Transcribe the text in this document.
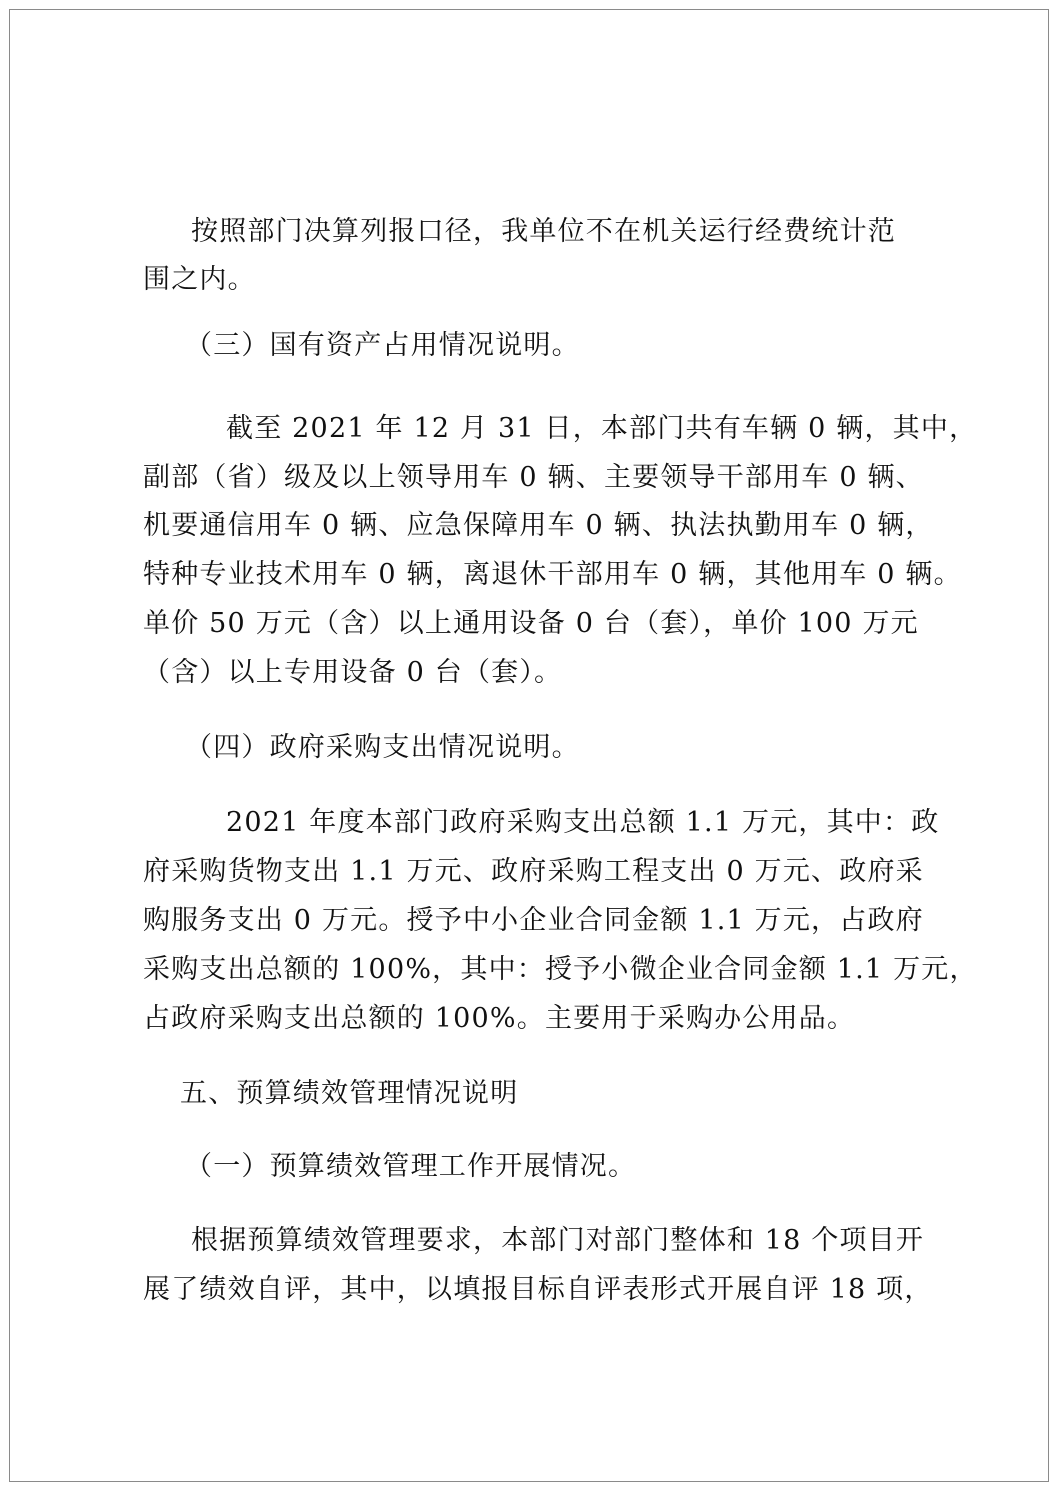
按照部门决算列报口径，我单位不在机关运行经费统计范
围之内。
（三）国有资产占用情况说明。
截至 2021 年 12 月 31 日，本部门共有车辆 0 辆，其中，
副部（省）级及以上领导用车 0 辆、主要领导干部用车 0 辆、
机要通信用车 0 辆、应急保障用车 0 辆、执法执勤用车 0 辆，
特种专业技术用车 0 辆，离退休干部用车 0 辆，其他用车 0 辆。
单价 50 万元（含）以上通用设备 0 台（套），单价 100 万元
（含）以上专用设备 0 台（套）。
（四）政府采购支出情况说明。
2021 年度本部门政府采购支出总额 1.1 万元，其中：政
府采购货物支出 1.1 万元、政府采购工程支出 0 万元、政府采
购服务支出 0 万元。授予中小企业合同金额 1.1 万元，占政府
采购支出总额的 100%，其中：授予小微企业合同金额 1.1 万元，
占政府采购支出总额的 100%。主要用于采购办公用品。
五、预算绩效管理情况说明
（一）预算绩效管理工作开展情况。
根据预算绩效管理要求，本部门对部门整体和 18 个项目开
展了绩效自评，其中，以填报目标自评表形式开展自评 18 项，
